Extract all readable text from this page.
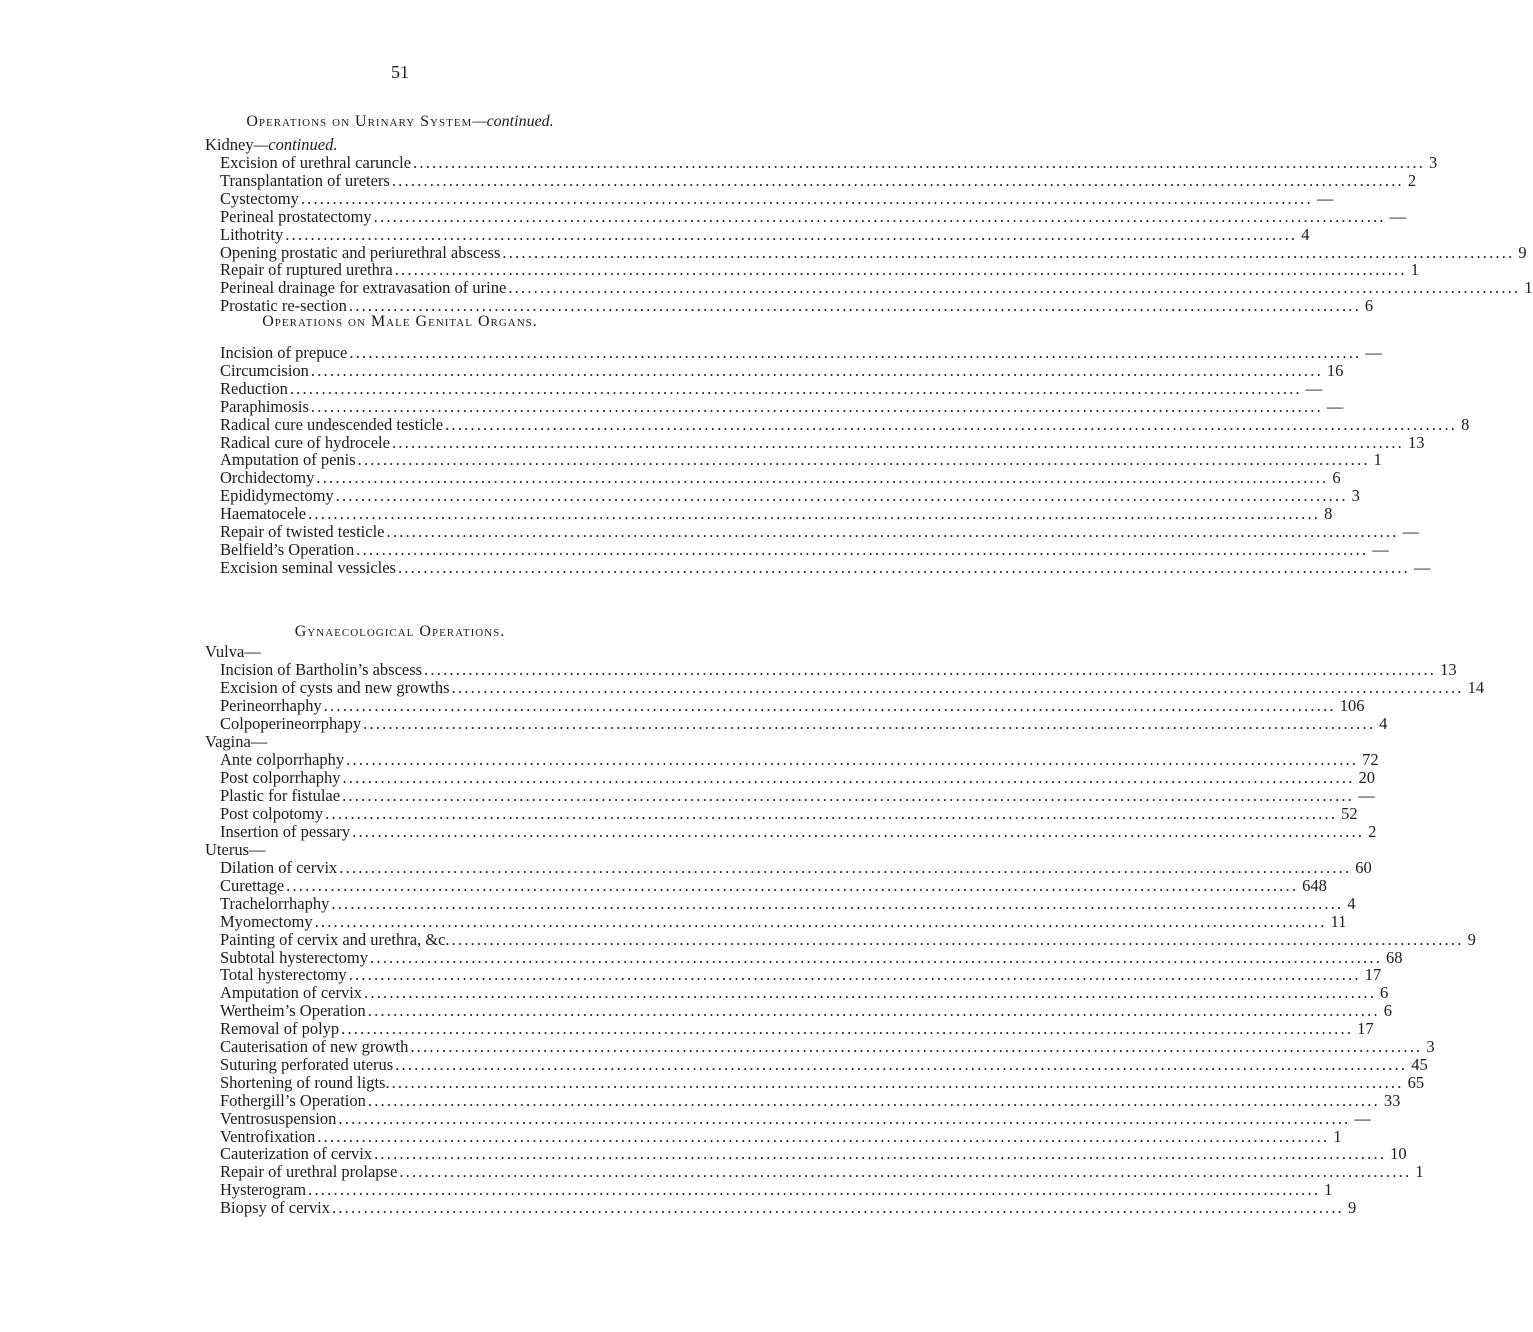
51
Operations on Urinary System—continued.
Kidney—continued.
Excision of urethral caruncle ................................................................................................................................................................ 3
Transplantation of ureters ................................................................................................................................................................ 2
Cystectomy ................................................................................................................................................................ —
Perineal prostatectomy ................................................................................................................................................................ —
Lithotrity ................................................................................................................................................................ 4
Opening prostatic and periurethral abscess ................................................................................................................................................................ 9
Repair of ruptured urethra ................................................................................................................................................................ 1
Perineal drainage for extravasation of urine ................................................................................................................................................................ 1
Prostatic re-section ................................................................................................................................................................ 6
Operations on Male Genital Organs.
Incision of prepuce ................................................................................................................................................................ —
Circumcision ................................................................................................................................................................ 16
Reduction ................................................................................................................................................................ —
Paraphimosis ................................................................................................................................................................ —
Radical cure undescended testicle ................................................................................................................................................................ 8
Radical cure of hydrocele ................................................................................................................................................................ 13
Amputation of penis ................................................................................................................................................................ 1
Orchidectomy ................................................................................................................................................................ 6
Epididymectomy ................................................................................................................................................................ 3
Haematocele ................................................................................................................................................................ 8
Repair of twisted testicle ................................................................................................................................................................ —
Belfield’s Operation ................................................................................................................................................................ —
Excision seminal vessicles ................................................................................................................................................................ —
Gynaecological Operations.
Vulva—
Incision of Bartholin’s abscess ................................................................................................................................................................ 13
Excision of cysts and new growths ................................................................................................................................................................ 14
Perineorrhaphy ................................................................................................................................................................ 106
Colpoperineorrphapy ................................................................................................................................................................ 4
Vagina—
Ante colporrhaphy ................................................................................................................................................................ 72
Post colporrhaphy ................................................................................................................................................................ 20
Plastic for fistulae ................................................................................................................................................................ —
Post colpotomy ................................................................................................................................................................ 52
Insertion of pessary ................................................................................................................................................................ 2
Uterus—
Dilation of cervix ................................................................................................................................................................ 60
Curettage ................................................................................................................................................................ 648
Trachelorrhaphy ................................................................................................................................................................ 4
Myomectomy ................................................................................................................................................................ 11
Painting of cervix and urethra, &c. ................................................................................................................................................................ 9
Subtotal hysterectomy ................................................................................................................................................................ 68
Total hysterectomy ................................................................................................................................................................ 17
Amputation of cervix ................................................................................................................................................................ 6
Wertheim’s Operation ................................................................................................................................................................ 6
Removal of polyp ................................................................................................................................................................ 17
Cauterisation of new growth ................................................................................................................................................................ 3
Suturing perforated uterus ................................................................................................................................................................ 45
Shortening of round ligts. ................................................................................................................................................................ 65
Fothergill’s Operation ................................................................................................................................................................ 33
Ventrosuspension ................................................................................................................................................................ —
Ventrofixation ................................................................................................................................................................ 1
Cauterization of cervix ................................................................................................................................................................ 10
Repair of urethral prolapse ................................................................................................................................................................ 1
Hysterogram ................................................................................................................................................................ 1
Biopsy of cervix ................................................................................................................................................................ 9
